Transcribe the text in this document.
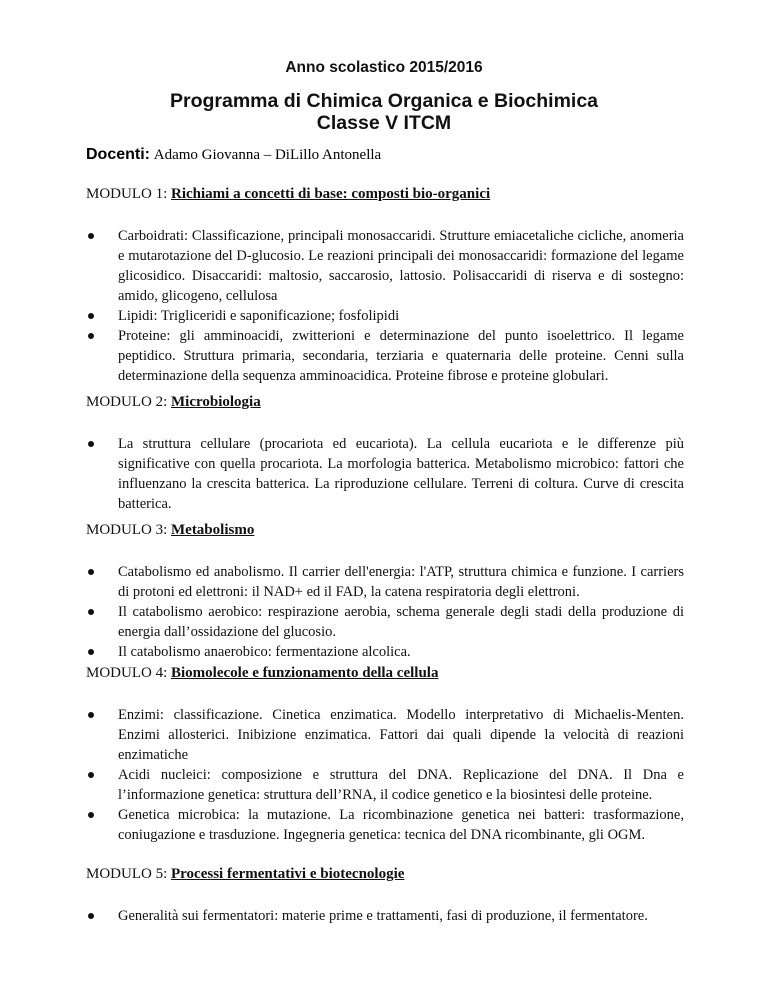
Anno scolastico 2015/2016
Programma di Chimica Organica e Biochimica
Classe V ITCM
Docenti: Adamo Giovanna – DiLillo Antonella
MODULO 1: Richiami a concetti di base: composti bio-organici
Carboidrati: Classificazione, principali monosaccaridi. Strutture emiacetaliche cicliche, anomeria e mutarotazione del D-glucosio. Le reazioni principali dei monosaccaridi: formazione del legame glicosidico. Disaccaridi: maltosio, saccarosio, lattosio. Polisaccaridi di riserva e di sostegno: amido, glicogeno, cellulosa
Lipidi: Trigliceridi e saponificazione; fosfolipidi
Proteine: gli amminoacidi, zwitterioni e determinazione del punto isoelettrico. Il legame peptidico. Struttura primaria, secondaria, terziaria e quaternaria delle proteine. Cenni sulla determinazione della sequenza amminoacidica. Proteine fibrose e proteine globulari.
MODULO 2: Microbiologia
La struttura cellulare (procariota ed eucariota). La cellula eucariota e le differenze più significative con quella procariota. La morfologia batterica. Metabolismo microbico: fattori che influenzano la crescita batterica. La riproduzione cellulare. Terreni di coltura. Curve di crescita batterica.
MODULO 3: Metabolismo
Catabolismo ed anabolismo. Il carrier dell'energia: l'ATP, struttura chimica e funzione. I carriers di protoni ed elettroni: il NAD+ ed il FAD, la catena respiratoria degli elettroni.
Il catabolismo aerobico: respirazione aerobia, schema generale degli stadi della produzione di energia dall’ossidazione del glucosio.
Il catabolismo anaerobico: fermentazione alcolica.
MODULO 4: Biomolecole e funzionamento della cellula
Enzimi: classificazione. Cinetica enzimatica. Modello interpretativo di Michaelis-Menten. Enzimi allosterici. Inibizione enzimatica. Fattori dai quali dipende la velocità di reazioni enzimatiche
Acidi nucleici: composizione e struttura del DNA. Replicazione del DNA. Il Dna e l’informazione genetica: struttura dell’RNA, il codice genetico e la biosintesi delle proteine.
Genetica microbica: la mutazione. La ricombinazione genetica nei batteri: trasformazione, coniugazione e trasduzione. Ingegneria genetica: tecnica del DNA ricombinante, gli OGM.
MODULO 5: Processi fermentativi e biotecnologie
Generalità sui fermentatori: materie prime e trattamenti, fasi di produzione, il fermentatore.
